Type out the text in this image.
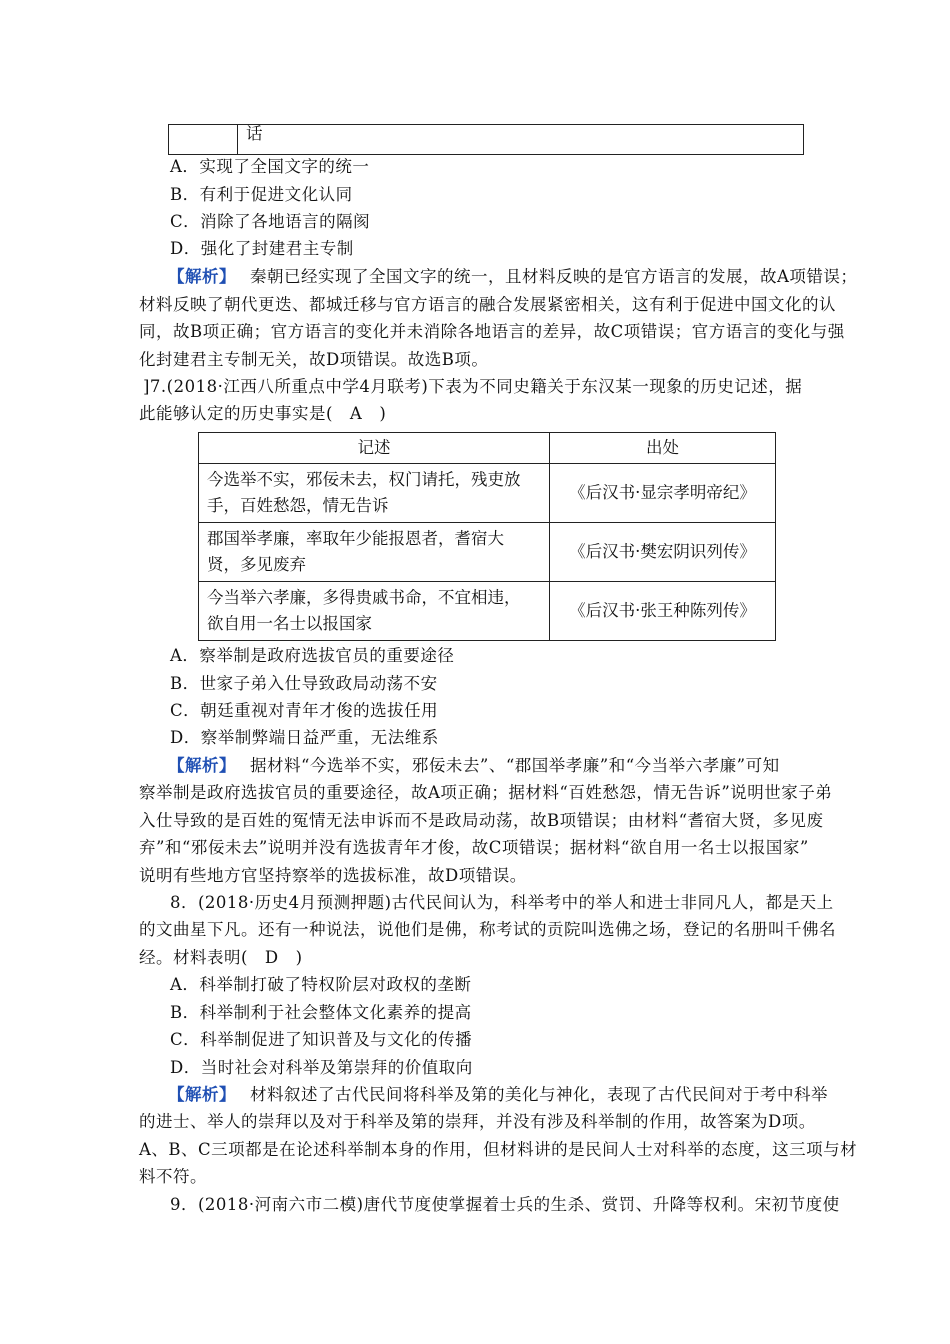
	话
A．实现了全国文字的统一
B．有利于促进文化认同
C．消除了各地语言的隔阂
D．强化了封建君主专制
【解析】 秦朝已经实现了全国文字的统一，且材料反映的是官方语言的发展，故A项错误；
材料反映了朝代更迭、都城迁移与官方语言的融合发展紧密相关，这有利于促进中国文化的认
同，故B项正确；官方语言的变化并未消除各地语言的差异，故C项错误；官方语言的变化与强
化封建君主专制无关，故D项错误。故选B项。
]7.(2018·江西八所重点中学4月联考)下表为不同史籍关于东汉某一现象的历史记述，据
此能够认定的历史事实是(　A　)
记述	出处

今选举不实，邪佞未去，权门请托，残吏放
手，百姓愁怨，情无告诉	《后汉书·显宗孝明帝纪》

郡国举孝廉，率取年少能报恩者，耆宿大
贤，多见废弃	《后汉书·樊宏阴识列传》

今当举六孝廉，多得贵戚书命，不宜相违，
欲自用一名士以报国家	《后汉书·张王种陈列传》
A．察举制是政府选拔官员的重要途径
B．世家子弟入仕导致政局动荡不安
C．朝廷重视对青年才俊的选拔任用
D．察举制弊端日益严重，无法维系
【解析】 据材料“今选举不实，邪佞未去”、“郡国举孝廉”和“今当举六孝廉”可知
察举制是政府选拔官员的重要途径，故A项正确；据材料“百姓愁怨，情无告诉”说明世家子弟
入仕导致的是百姓的冤情无法申诉而不是政局动荡，故B项错误；由材料“耆宿大贤，多见废
弃”和“邪佞未去”说明并没有选拔青年才俊，故C项错误；据材料“欲自用一名士以报国家”
说明有些地方官坚持察举的选拔标准，故D项错误。
8．(2018·历史4月预测押题)古代民间认为，科举考中的举人和进士非同凡人，都是天上
的文曲星下凡。还有一种说法，说他们是佛，称考试的贡院叫选佛之场，登记的名册叫千佛名
经。材料表明(　D　)
A．科举制打破了特权阶层对政权的垄断
B．科举制利于社会整体文化素养的提高
C．科举制促进了知识普及与文化的传播
D．当时社会对科举及第崇拜的价值取向
【解析】 材料叙述了古代民间将科举及第的美化与神化，表现了古代民间对于考中科举
的进士、举人的崇拜以及对于科举及第的崇拜，并没有涉及科举制的作用，故答案为D项。
A、B、C三项都是在论述科举制本身的作用，但材料讲的是民间人士对科举的态度，这三项与材
料不符。
9．(2018·河南六市二模)唐代节度使掌握着士兵的生杀、赏罚、升降等权利。宋初节度使
